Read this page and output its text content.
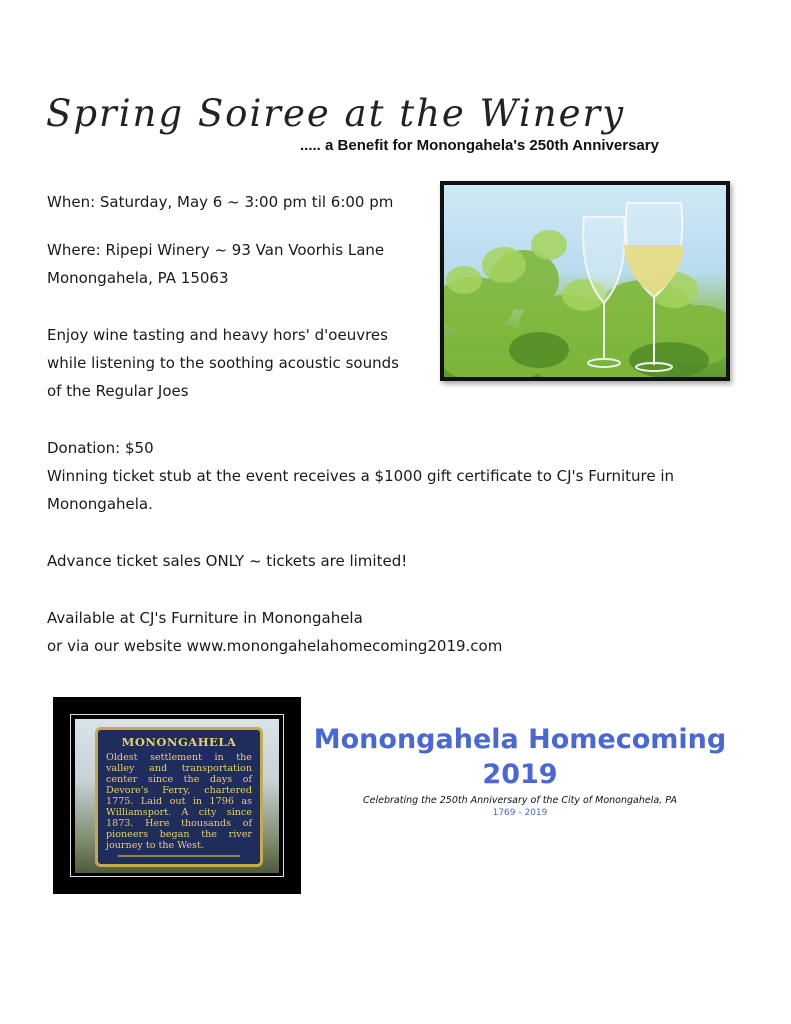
Spring Soiree at the Winery
..... a Benefit for Monongahela's 250th Anniversary
When: Saturday, May 6 ~ 3:00 pm til 6:00 pm
Where: Ripepi Winery ~ 93 Van Voorhis Lane
Monongahela, PA 15063
Enjoy wine tasting and heavy hors' d'oeuvres
while listening to the soothing acoustic sounds
of the Regular Joes
Donation: $50
Winning ticket stub at the event receives a $1000 gift certificate to CJ's Furniture in
Monongahela.
Advance ticket sales ONLY ~ tickets are limited!
Available at CJ's Furniture in Monongahela
or via our website www.monongahelahomecoming2019.com
MONONGAHELA
Oldest settlement in the valley and transportation center since the days of Devore's Ferry, chartered 1775. Laid out in 1796 as Williamsport. A city since 1873. Here thousands of pioneers began the river journey to the West.
Monongahela Homecoming
2019
Celebrating the 250th Anniversary of the City of Monongahela, PA
1769 - 2019
